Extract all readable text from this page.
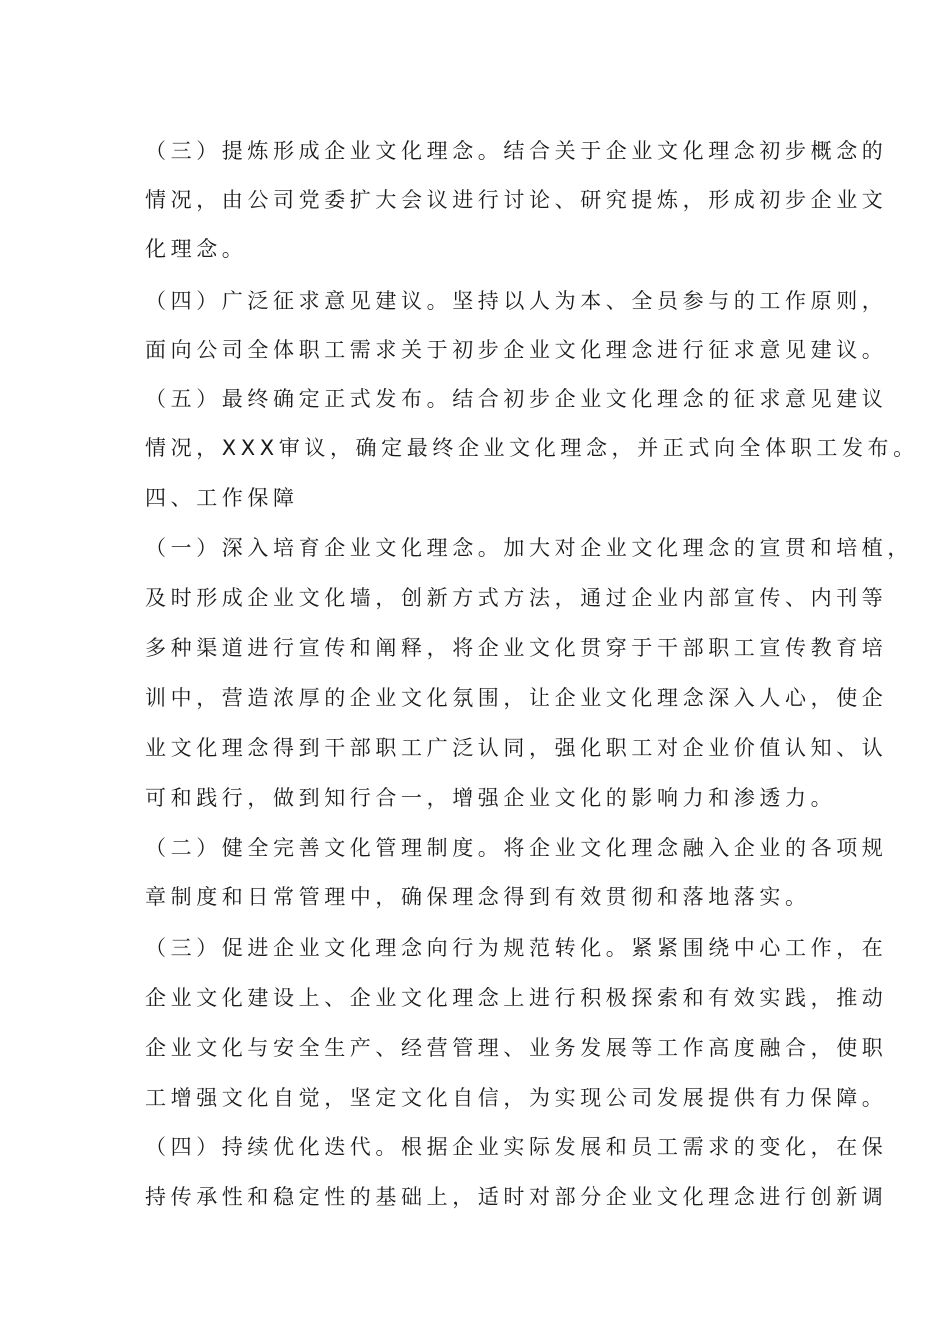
（三）提炼形成企业文化理念。结合关于企业文化理念初步概念的
情况，由公司党委扩大会议进行讨论、研究提炼，形成初步企业文
化理念。
（四）广泛征求意见建议。坚持以人为本、全员参与的工作原则，
面向公司全体职工需求关于初步企业文化理念进行征求意见建议。
（五）最终确定正式发布。结合初步企业文化理念的征求意见建议
情况，XXX审议，确定最终企业文化理念，并正式向全体职工发布。
四、工作保障
（一）深入培育企业文化理念。加大对企业文化理念的宣贯和培植，
及时形成企业文化墙，创新方式方法，通过企业内部宣传、内刊等
多种渠道进行宣传和阐释，将企业文化贯穿于干部职工宣传教育培
训中，营造浓厚的企业文化氛围，让企业文化理念深入人心，使企
业文化理念得到干部职工广泛认同，强化职工对企业价值认知、认
可和践行，做到知行合一，增强企业文化的影响力和渗透力。
（二）健全完善文化管理制度。将企业文化理念融入企业的各项规
章制度和日常管理中，确保理念得到有效贯彻和落地落实。
（三）促进企业文化理念向行为规范转化。紧紧围绕中心工作，在
企业文化建设上、企业文化理念上进行积极探索和有效实践，推动
企业文化与安全生产、经营管理、业务发展等工作高度融合，使职
工增强文化自觉，坚定文化自信，为实现公司发展提供有力保障。
（四）持续优化迭代。根据企业实际发展和员工需求的变化，在保
持传承性和稳定性的基础上，适时对部分企业文化理念进行创新调
